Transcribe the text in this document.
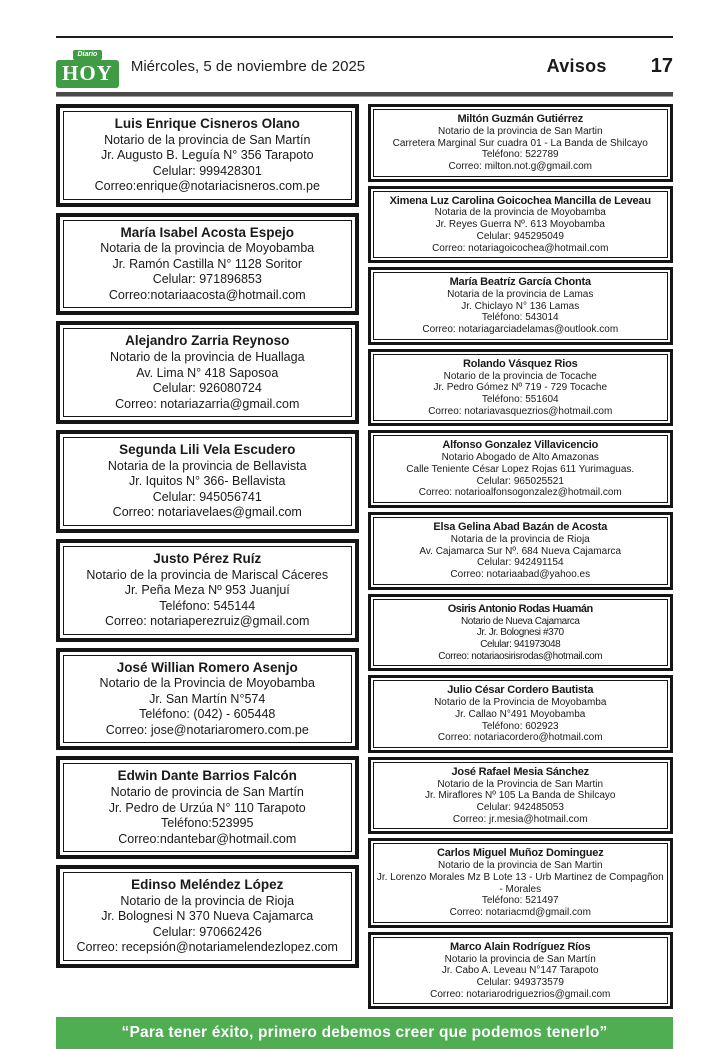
Diario
HOY	Miércoles, 5 de noviembre de 2025	Avisos 17
Luis Enrique Cisneros Olano
Notario de la provincia de San Martín
Jr. Augusto B. Leguía N° 356 Tarapoto
Celular: 999428301
Correo:enrique@notariacisneros.com.pe
María Isabel Acosta Espejo
Notaria de la provincia de Moyobamba
Jr. Ramón Castilla N° 1128 Soritor
Celular: 971896853
Correo:notariaacosta@hotmail.com
Alejandro Zarria Reynoso
Notario de la provincia de Huallaga
Av. Lima N° 418 Saposoa
Celular: 926080724
Correo: notariazarria@gmail.com
Segunda Lili Vela Escudero
Notaria de la provincia de Bellavista
Jr. Iquitos N° 366- Bellavista
Celular: 945056741
Correo: notariavelaes@gmail.com
Justo Pérez Ruíz
Notario de la provincia de Mariscal Cáceres
Jr. Peña Meza Nº 953 Juanjuí
Teléfono: 545144
Correo: notariaperezruiz@gmail.com
José Willian Romero Asenjo
Notario de la Provincia de Moyobamba
Jr. San Martín N°574
Teléfono: (042) - 605448
Correo: jose@notariaromero.com.pe
Edwin Dante Barrios Falcón
Notario de provincia de San Martín
Jr. Pedro de Urzúa N° 110 Tarapoto
Teléfono:523995
Correo:ndantebar@hotmail.com
Edinso Meléndez López
Notario de la provincia de Rioja
Jr. Bolognesi N 370 Nueva Cajamarca
Celular: 970662426
Correo: recepsión@notariamelendezlopez.com
Miltón Guzmán Gutiérrez
Notario de la provincia de San Martin
Carretera Marginal Sur cuadra 01 - La Banda de Shilcayo
Teléfono: 522789
Correo: milton.not.g@gmail.com
Ximena Luz Carolina Goicochea Mancilla de Leveau
Notaria de la provincia de Moyobamba
Jr. Reyes Guerra Nº. 613 Moyobamba
Celular: 945295049
Correo: notariagoicochea@hotmail.com
María Beatríz García Chonta
Notaria de la provincia de Lamas
Jr. Chiclayo N° 136 Lamas
Teléfono: 543014
Correo: notariagarciadelamas@outlook.com
Rolando Vásquez Rios
Notario de la provincia de Tocache
Jr. Pedro Gómez Nº 719 - 729 Tocache
Teléfono: 551604
Correo: notariavasquezrios@hotmail.com
Alfonso Gonzalez Villavicencio
Notario Abogado de Alto Amazonas
Calle Teniente César Lopez Rojas 611 Yurimaguas.
Celular: 965025521
Correo: notarioalfonsogonzalez@hotmail.com
Elsa Gelina Abad Bazán de Acosta
Notaria de la provincia de Rioja
Av. Cajamarca Sur Nº. 684 Nueva Cajamarca
Celular: 942491154
Correo: notariaabad@yahoo.es
Osiris Antonio Rodas Huamán
Notario de Nueva Cajamarca
Jr. Jr. Bolognesi #370
Celular: 941973048
Correo: notariaosirisrodas@hotmail.com
Julio César Cordero Bautista
Notario de la Provincia de Moyobamba
Jr. Callao N°491 Moyobamba
Teléfono: 602923
Correo: notariacordero@hotmail.com
José Rafael Mesia Sánchez
Notario de la Provincia de San Martin
Jr. Miraflores Nº 105 La Banda de Shilcayo
Celular: 942485053
Correo: jr.mesia@hotmail.com
Carlos Miguel Muñoz Dominguez
Notario de la provincia de San Martin
Jr. Lorenzo Morales Mz B Lote 13 - Urb Martinez de Compagñon
- Morales
Teléfono: 521497
Correo: notariacmd@gmail.com
Marco Alain Rodríguez Ríos
Notario la provincia de San Martín
Jr. Cabo A. Leveau N°147 Tarapoto
Celular: 949373579
Correo: notariarodriguezrios@gmail.com
“Para tener éxito, primero debemos creer que podemos tenerlo”
